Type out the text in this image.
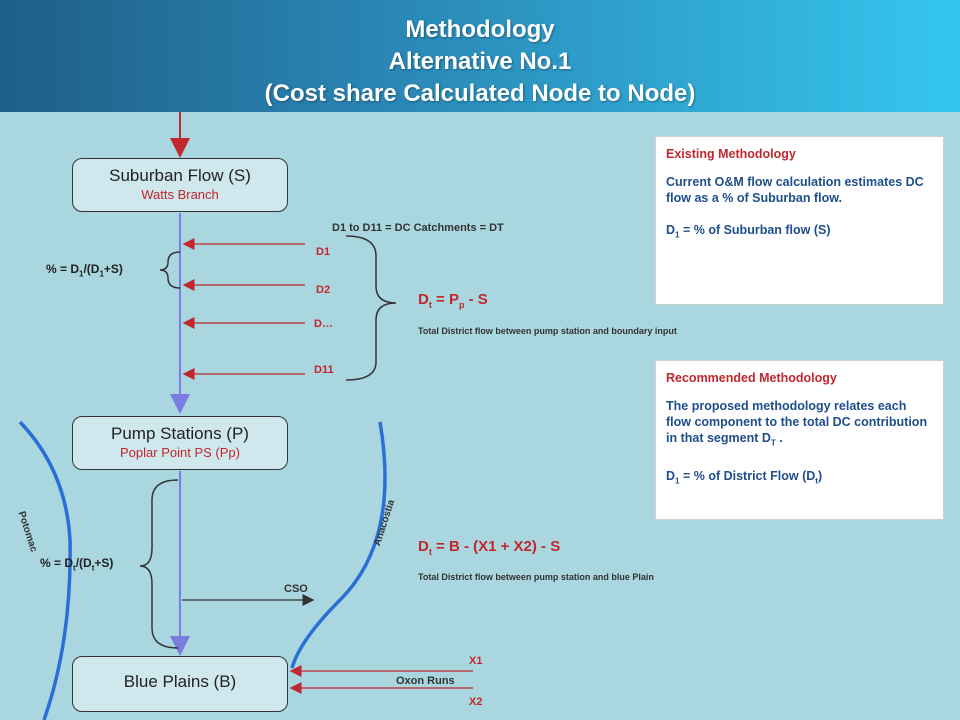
Methodology
Alternative No.1
(Cost share Calculated Node to Node)
Suburban Flow (S)
Watts Branch
Pump Stations (P)
Poplar Point PS (Pp)
Blue Plains (B)
D1 to D11 = DC Catchments = DT
D1
D2
D…
D11
% = $D_1/(D_1+S)$
$D_t = P_p - S$
Total District flow between pump station and boundary input
$D_t = B - (X1 + X2) - S$
Total District flow between pump station and blue Plain
% = $D_t/(D_t+S)$
Potomac	Anacostia
CSO
X1
Oxon Runs
X2
Existing Methodology

Current O&M flow calculation estimates DC flow as a % of Suburban flow.

$D_1$ = % of Suburban flow (S)

Recommended Methodology

The proposed methodology relates each flow component to the total DC contribution in that segment $D_T$ .

$D_1$ = % of District Flow $(D_t)$
